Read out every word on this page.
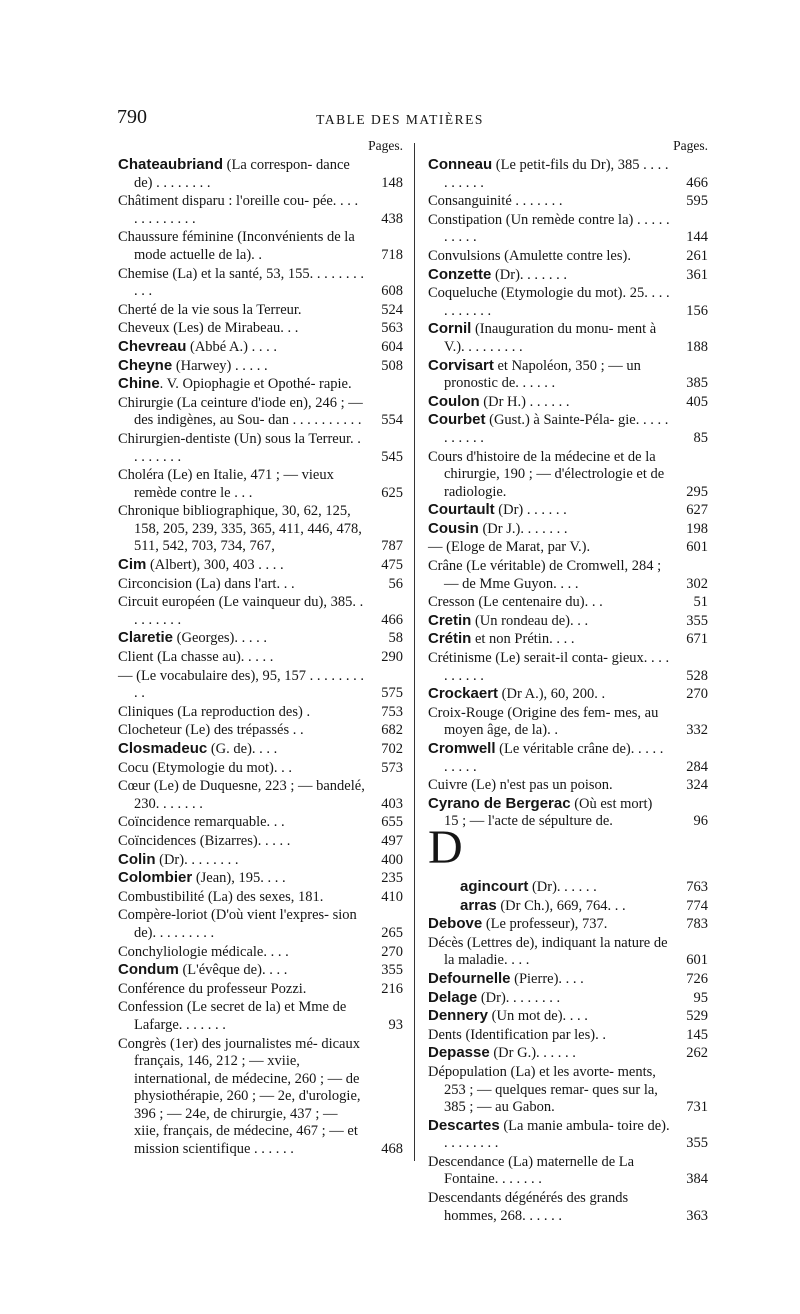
790	TABLE DES MATIÈRES
Pages.
Chateaubriand (La correspon- dance de) . . . . . . . .	148
Châtiment disparu : l'oreille cou- pée. . . . . . . . . . . . .	438
Chaussure féminine (Inconvénients de la mode actuelle de la). .	718
Chemise (La) et la santé, 53, 155. . . . . . . . . . .	608
Cherté de la vie sous la Terreur.	524
Cheveux (Les) de Mirabeau. . .	563
Chevreau (Abbé A.) . . . .	604
Cheyne (Harwey) . . . . .	508
Chine. V. Opiophagie et Opothé- rapie.
Chirurgie (La ceinture d'iode en), 246 ; — des indigènes, au Sou- dan . . . . . . . . . .	554
Chirurgien-dentiste (Un) sous la Terreur. . . . . . . . .	545
Choléra (Le) en Italie, 471 ; — vieux remède contre le . . .	625
Chronique bibliographique, 30, 62, 125, 158, 205, 239, 335, 365, 411, 446, 478, 511, 542, 703, 734, 767,	787
Cim (Albert), 300, 403 . . . .	475
Circoncision (La) dans l'art. . .	56
Circuit européen (Le vainqueur du), 385. . . . . . . . .	466
Claretie (Georges). . . . .	58
Client (La chasse au). . . . .	290
— (Le vocabulaire des), 95, 157 . . . . . . . . . .	575
Cliniques (La reproduction des) .	753
Clocheteur (Le) des trépassés . .	682
Closmadeuc (G. de). . . .	702
Cocu (Etymologie du mot). . .	573
Cœur (Le) de Duquesne, 223 ; — bandelé, 230. . . . . . .	403
Coïncidence remarquable. . .	655
Coïncidences (Bizarres). . . . .	497
Colin (Dr). . . . . . . .	400
Colombier (Jean), 195. . . .	235
Combustibilité (La) des sexes, 181.	410
Compère-loriot (D'où vient l'expres- sion de). . . . . . . . .	265
Conchyliologie médicale. . . .	270
Condum (L'évêque de). . . .	355
Conférence du professeur Pozzi.	216
Confession (Le secret de la) et Mme de Lafarge. . . . . . .	93
Congrès (1er) des journalistes mé- dicaux français, 146, 212 ; — xviie, international, de médecine, 260 ; — de physiothérapie, 260 ; — 2e, d'urologie, 396 ; — 24e, de chirurgie, 437 ; — xiie, français, de médecine, 467 ; — et mission scientifique . . . . . .	468
Pages.
Conneau (Le petit-fils du Dr), 385 . . . . . . . . . .	466
Consanguinité . . . . . . .	595
Constipation (Un remède contre la) . . . . . . . . . .	144
Convulsions (Amulette contre les).	261
Conzette (Dr). . . . . . .	361
Coqueluche (Etymologie du mot). 25. . . . . . . . . . .	156
Cornil (Inauguration du monu- ment à V.). . . . . . . . .	188
Corvisart et Napoléon, 350 ; — un pronostic de. . . . . .	385
Coulon (Dr H.) . . . . . .	405
Courbet (Gust.) à Sainte-Péla- gie. . . . . . . . . . .	85
Cours d'histoire de la médecine et de la chirurgie, 190 ; — d'électrologie et de radiologie.	295
Courtault (Dr) . . . . . .	627
Cousin (Dr J.). . . . . . .	198
— (Eloge de Marat, par V.).	601
Crâne (Le véritable) de Cromwell, 284 ; — de Mme Guyon. . . .	302
Cresson (Le centenaire du). . .	51
Cretin (Un rondeau de). . .	355
Crétin et non Prétin. . . .	671
Crétinisme (Le) serait-il conta- gieux. . . . . . . . . .	528
Crockaert (Dr A.), 60, 200. .	270
Croix-Rouge (Origine des fem- mes, au moyen âge, de la). .	332
Cromwell (Le véritable crâne de). . . . . . . . . .	284
Cuivre (Le) n'est pas un poison.	324
Cyrano de Bergerac (Où est mort) 15 ; — l'acte de sépulture de.	96
agincourt (Dr). . . . . .	763
arras (Dr Ch.), 669, 764. . .	774
Debove (Le professeur), 737.	783
Décès (Lettres de), indiquant la nature de la maladie. . . .	601
Defournelle (Pierre). . . .	726
Delage (Dr). . . . . . . .	95
Dennery (Un mot de). . . .	529
Dents (Identification par les). .	145
Depasse (Dr G.). . . . . .	262
Dépopulation (La) et les avorte- ments, 253 ; — quelques remar- ques sur la, 385 ; — au Gabon.	731
Descartes (La manie ambula- toire de). . . . . . . . .	355
Descendance (La) maternelle de La Fontaine. . . . . . .	384
Descendants dégénérés des grands hommes, 268. . . . . .	363
D
